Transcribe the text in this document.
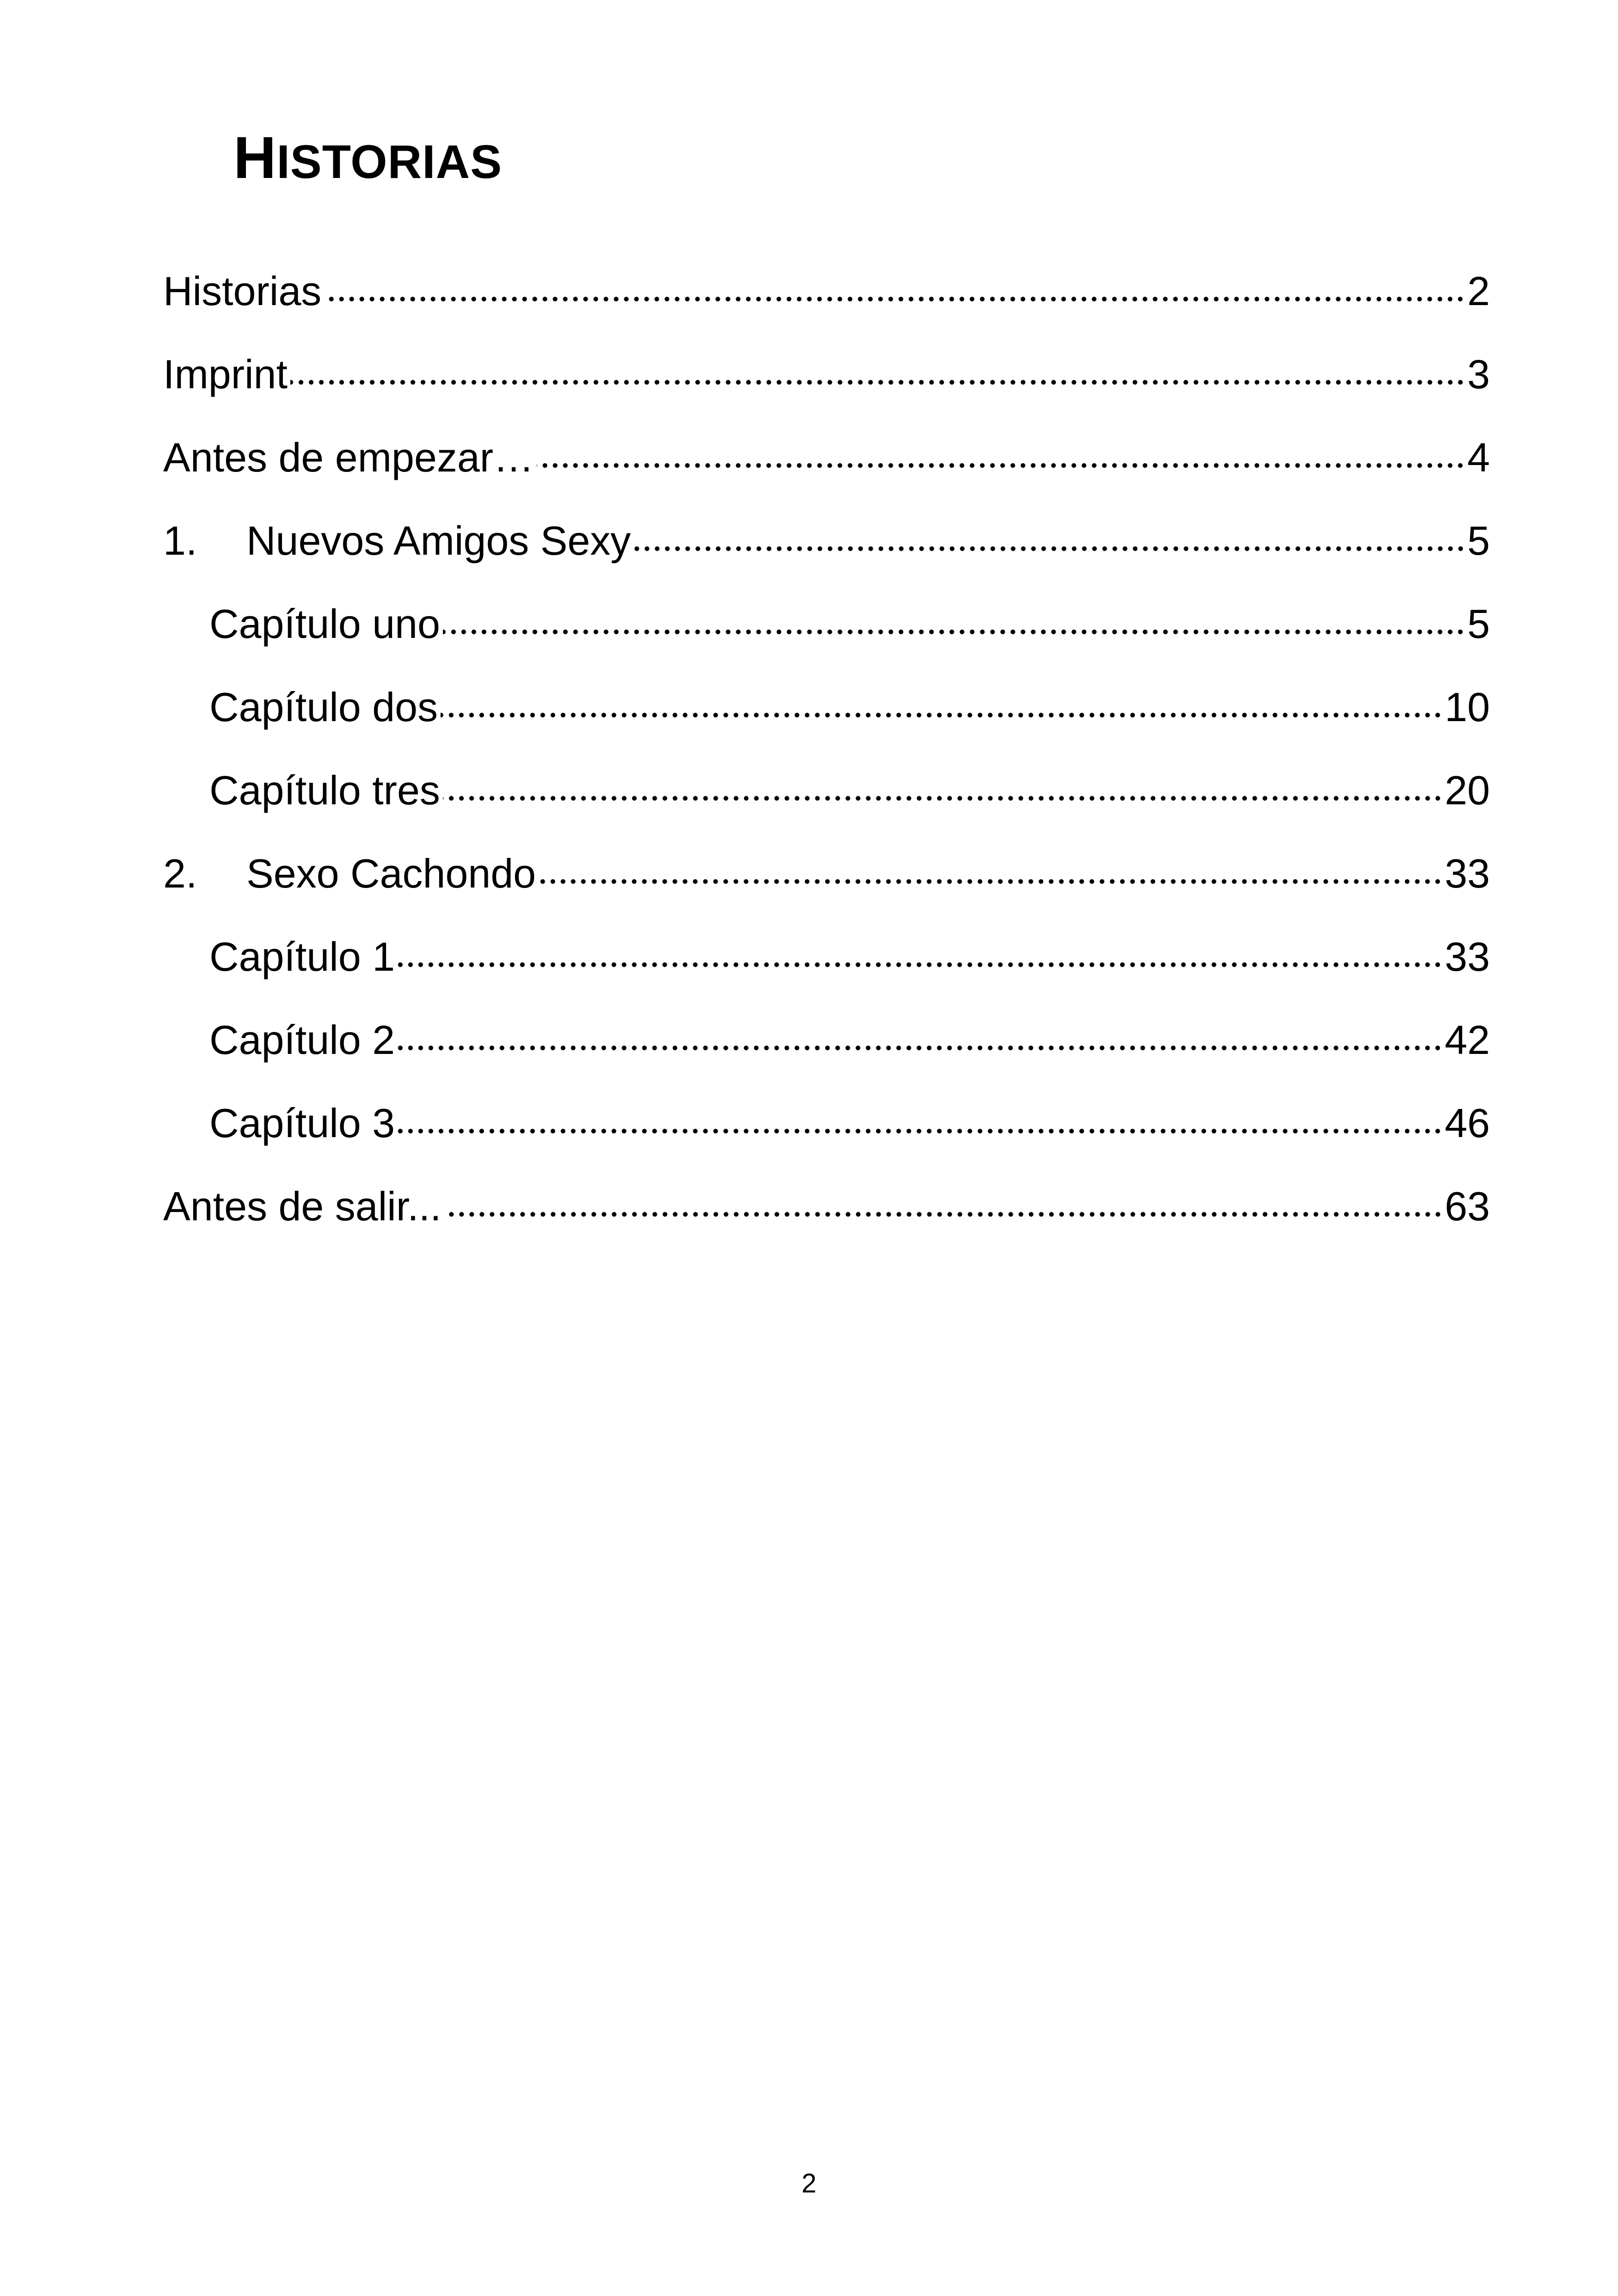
HISTORIAS
Historias	2
Imprint	3
Antes de empezar…	4
1.	Nuevos Amigos Sexy	5
Capítulo uno	5
Capítulo dos	10
Capítulo tres	20
2.	Sexo Cachondo	33
Capítulo 1	33
Capítulo 2	42
Capítulo 3	46
Antes de salir...	63
2
